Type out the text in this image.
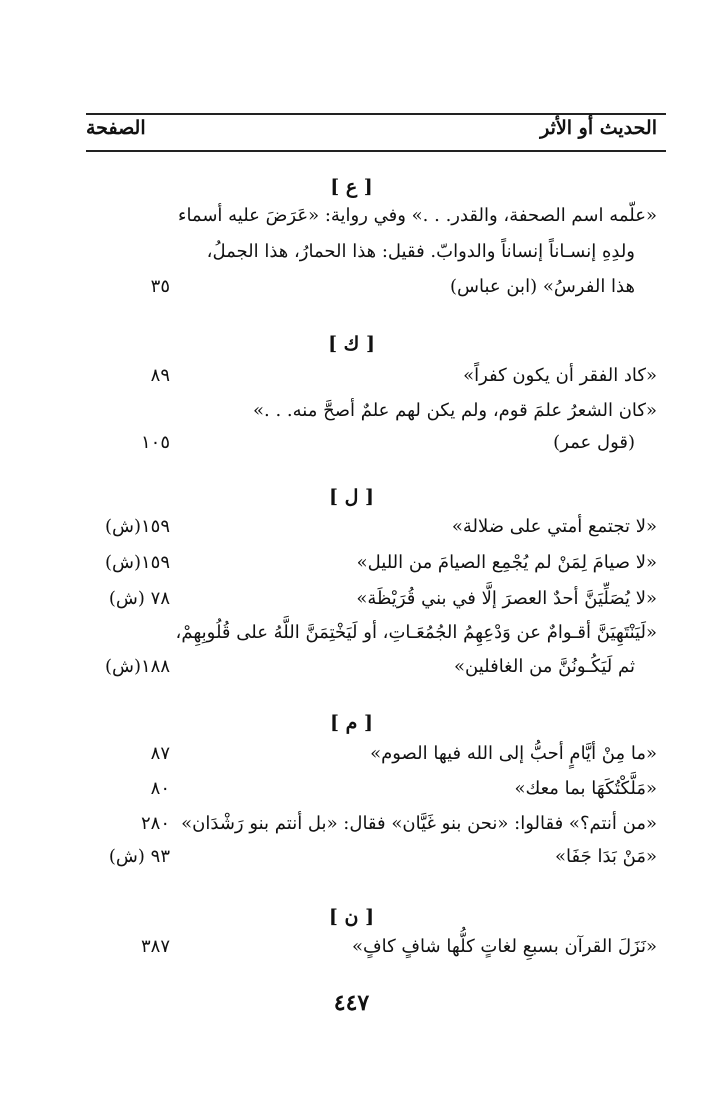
الحديث أو الأثر
الصفحة
[ ع ]
«علّمه اسم الصحفة، والقدر. . .» وفي رواية: «عَرَضَ عليه أسماء
ولدِهِ إنسـاناً إنساناً والدوابّ. فقيل: هذا الحمارُ، هذا الجملُ،
هذا الفرسُ» (ابن عباس)
٣٥
[ ك ]
«كاد الفقر أن يكون كفراً»
٨٩
«كان الشعرُ علمَ قوم، ولم يكن لهم علمٌ أصحَّ منه. . .»
(قول عمر)
١٠٥
[ ل ]
«لا تجتمع أمتي على ضلالة»
١٥٩(ش)
«لا صيامَ لِمَنْ لم يُجْمِع الصيامَ من الليل»
١٥٩(ش)
«لا يُصَلِّيَنَّ أحدٌ العصرَ إلَّا في بني قُرَيْظَة»
٧٨ (ش)
«لَيَنْتَهِيَنَّ أقـوامٌ عن وَدْعِهِمُ الجُمُعَـاتِ، أو لَيَخْتِمَنَّ اللَّهُ على قُلُوبِهِمْ،
ثم لَيَكُـونُنَّ من الغافلين»
١٨٨(ش)
[ م ]
«ما مِنْ أيَّامٍ أحبُّ إلى الله فيها الصوم»
٨٧
«مَلَّكْتُكَهَا بما معك»
٨٠
«من أنتم؟» فقالوا: «نحن بنو غَيَّان» فقال: «بل أنتم بنو رَشْدَان»
٢٨٠
«مَنْ بَدَا جَفَا»
٩٣ (ش)
[ ن ]
«نَزَلَ القرآن بسبعِ لغاتٍ كلُّها شافٍ كافٍ»
٣٨٧
٤٤٧
